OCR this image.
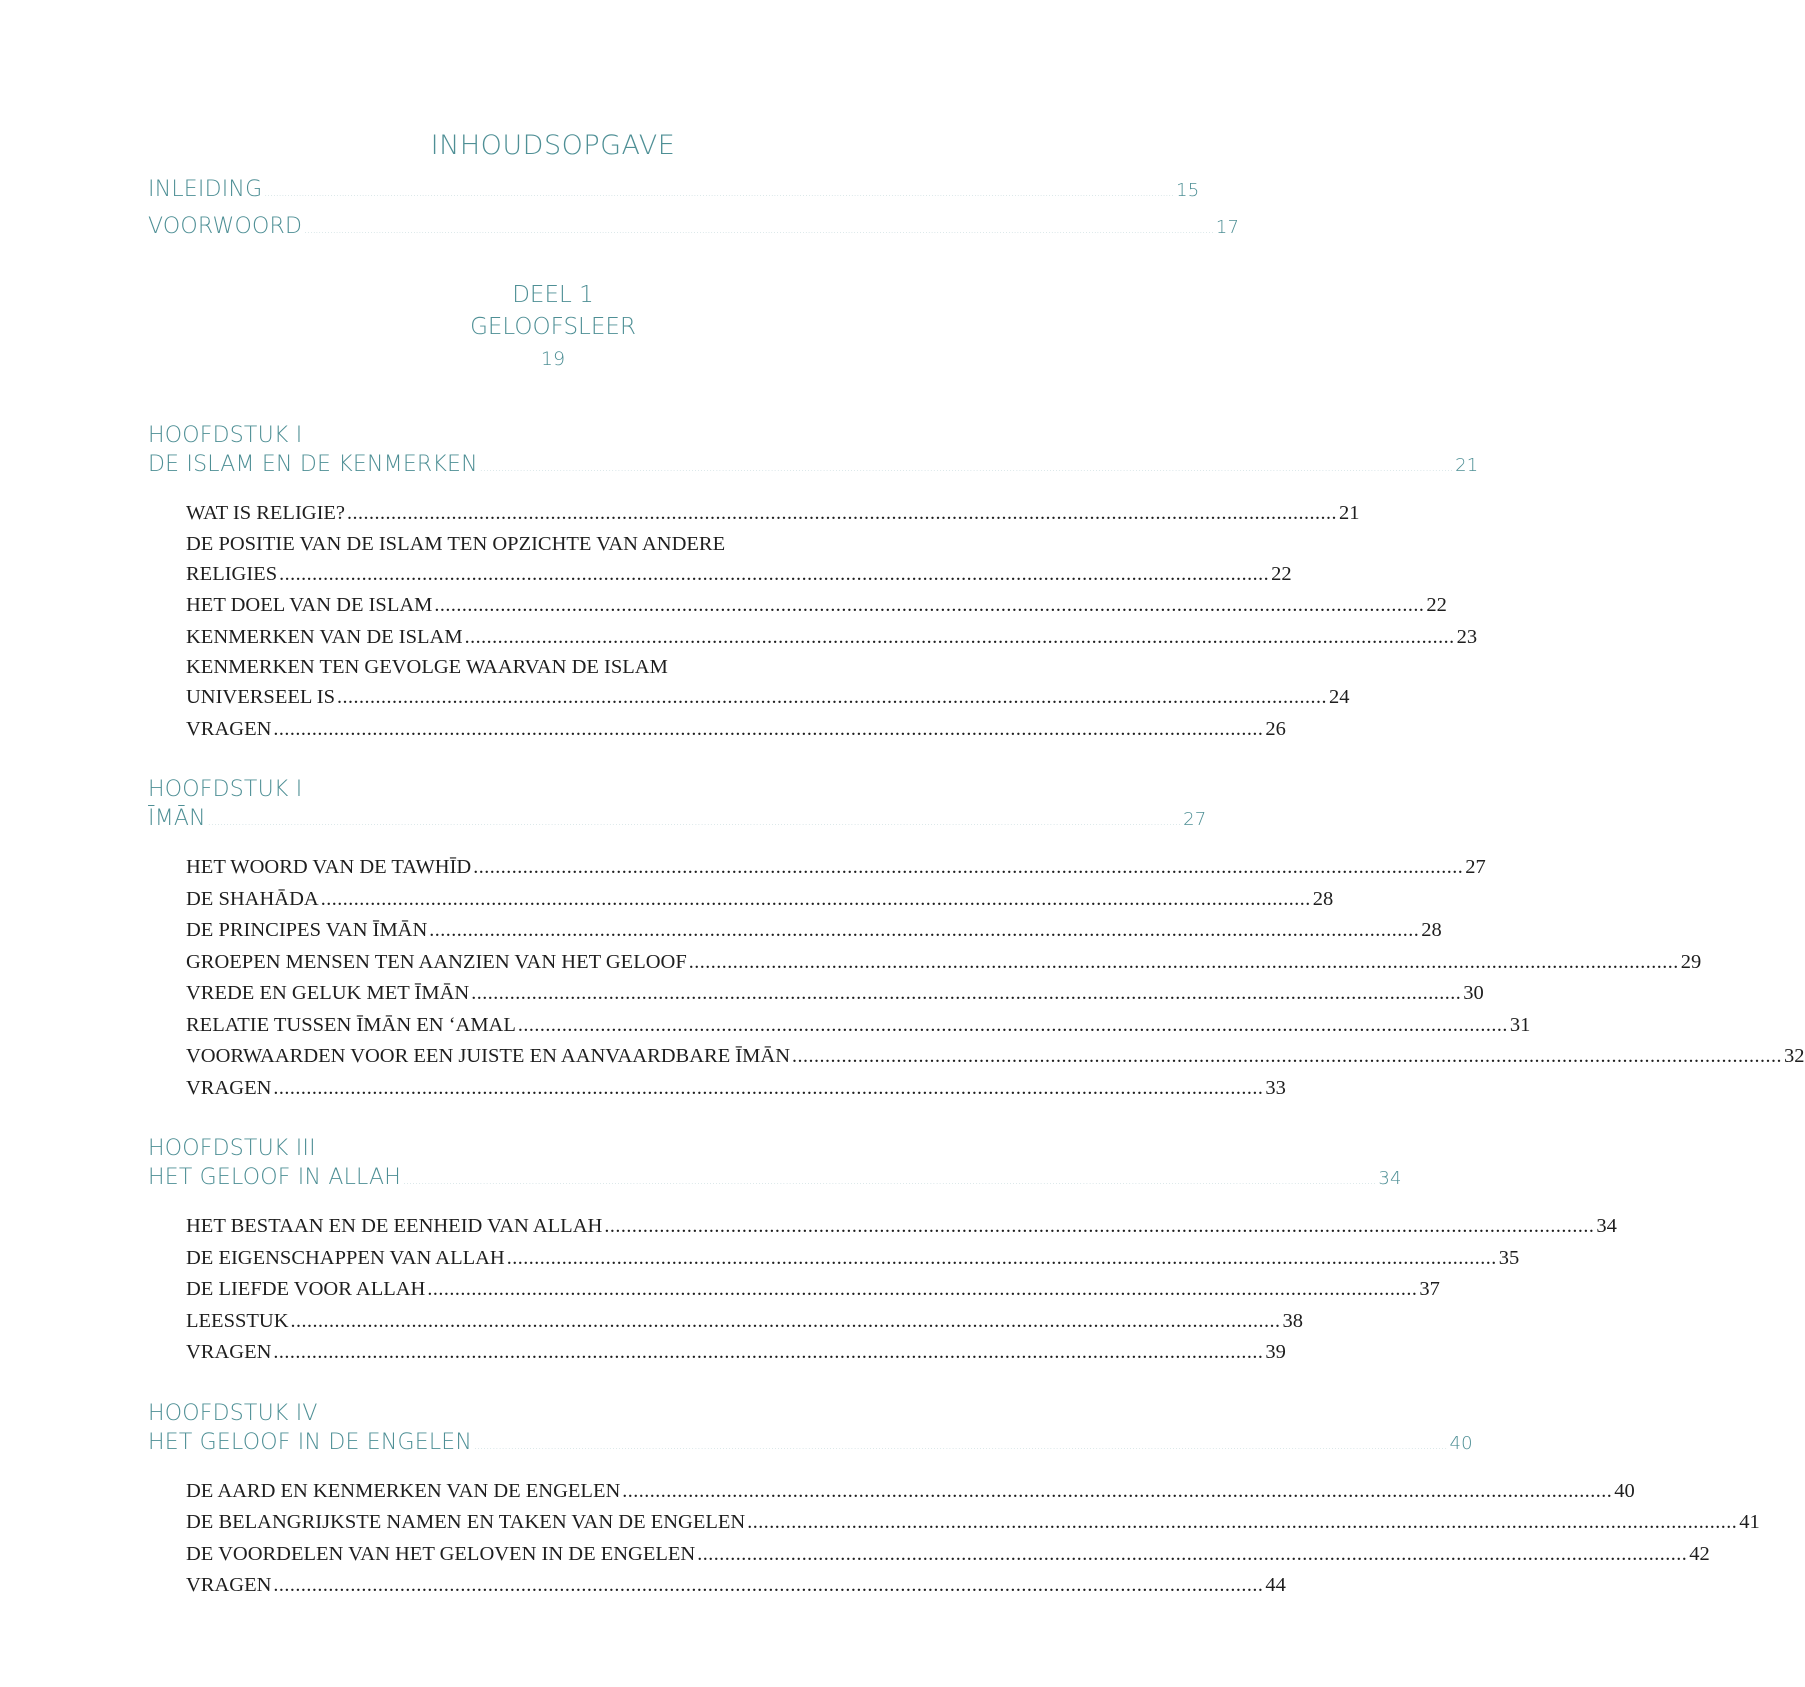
INHOUDSOPGAVE
INLEIDING .............................................................................................................................................................................................................................................................................................................................. 15
VOORWOORD .............................................................................................................................................................................................................................................................................................................................. 17
DEEL 1
GELOOFSLEER
19
HOOFDSTUK I
DE ISLAM EN DE KENMERKEN .............................................................................................................................................................................................................................................................................................................................. 21
WAT IS RELIGIE? .................................................................................................................................................................................... 21
DE POSITIE VAN DE ISLAM TEN OPZICHTE VAN ANDERE
RELIGIES .................................................................................................................................................................................... 22
HET DOEL VAN DE ISLAM .................................................................................................................................................................................... 22
KENMERKEN VAN DE ISLAM .................................................................................................................................................................................... 23
KENMERKEN TEN GEVOLGE WAARVAN DE ISLAM
UNIVERSEEL IS .................................................................................................................................................................................... 24
VRAGEN .................................................................................................................................................................................... 26
HOOFDSTUK I
ĪMĀN .............................................................................................................................................................................................................................................................................................................................. 27
HET WOORD VAN DE TAWHĪD .................................................................................................................................................................................... 27
DE SHAHĀDA .................................................................................................................................................................................... 28
DE PRINCIPES VAN ĪMĀN .................................................................................................................................................................................... 28
GROEPEN MENSEN TEN AANZIEN VAN HET GELOOF .................................................................................................................................................................................... 29
VREDE EN GELUK MET ĪMĀN .................................................................................................................................................................................... 30
RELATIE TUSSEN ĪMĀN EN ‘AMAL .................................................................................................................................................................................... 31
VOORWAARDEN VOOR EEN JUISTE EN AANVAARDBARE ĪMĀN .................................................................................................................................................................................... 32
VRAGEN .................................................................................................................................................................................... 33
HOOFDSTUK III
HET GELOOF IN ALLAH .............................................................................................................................................................................................................................................................................................................................. 34
HET BESTAAN EN DE EENHEID VAN ALLAH .................................................................................................................................................................................... 34
DE EIGENSCHAPPEN VAN ALLAH .................................................................................................................................................................................... 35
DE LIEFDE VOOR ALLAH .................................................................................................................................................................................... 37
LEESSTUK .................................................................................................................................................................................... 38
VRAGEN .................................................................................................................................................................................... 39
HOOFDSTUK IV
HET GELOOF IN DE ENGELEN .............................................................................................................................................................................................................................................................................................................................. 40
DE AARD EN KENMERKEN VAN DE ENGELEN .................................................................................................................................................................................... 40
DE BELANGRIJKSTE NAMEN EN TAKEN VAN DE ENGELEN .................................................................................................................................................................................... 41
DE VOORDELEN VAN HET GELOVEN IN DE ENGELEN .................................................................................................................................................................................... 42
VRAGEN .................................................................................................................................................................................... 44
